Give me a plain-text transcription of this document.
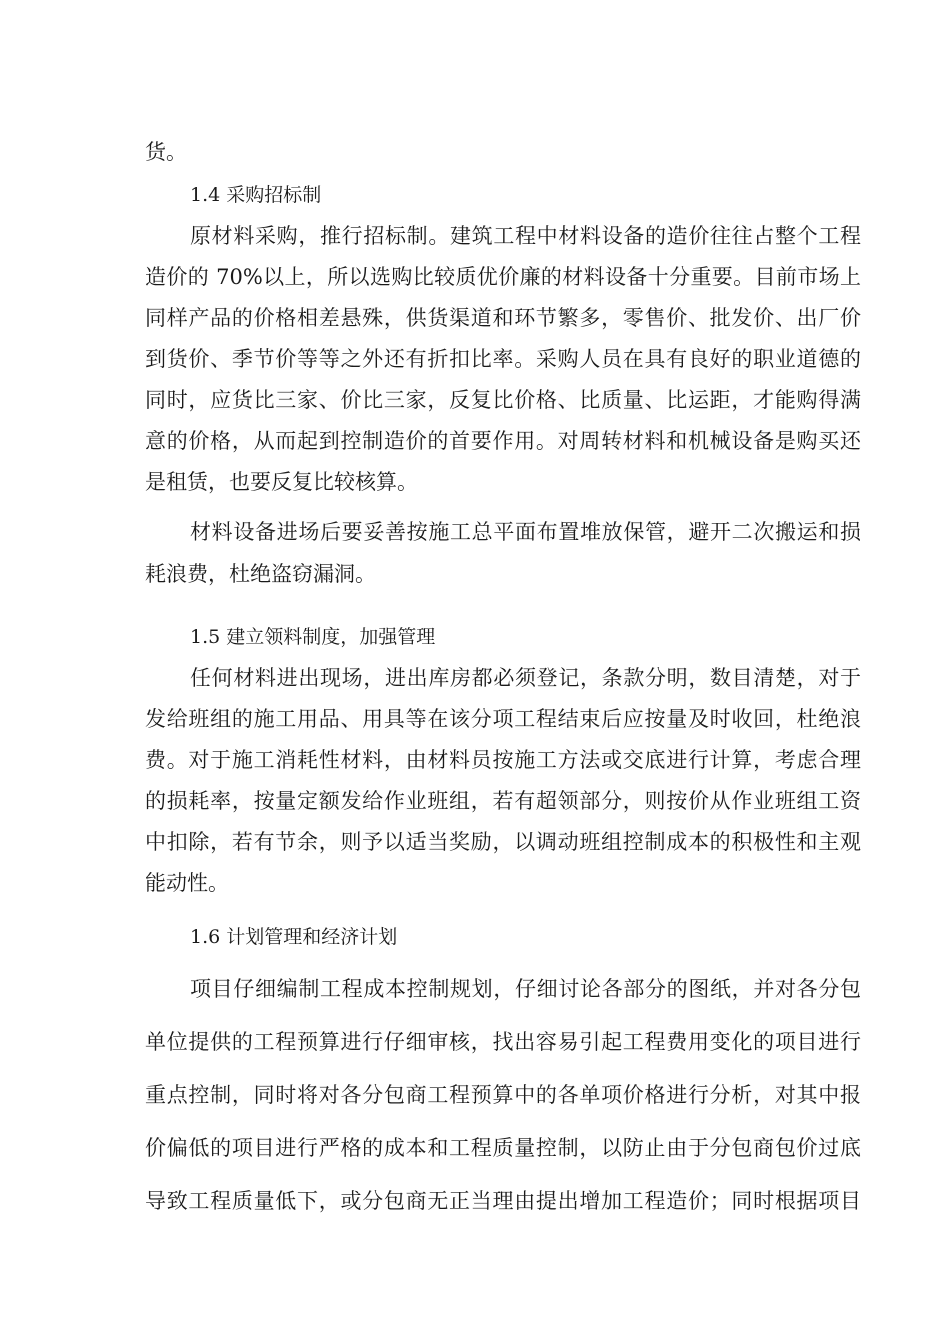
货。
1.4 采购招标制
原材料采购，推行招标制。建筑工程中材料设备的造价往往占整个工程
造价的 70%以上，所以选购比较质优价廉的材料设备十分重要。目前市场上
同样产品的价格相差悬殊，供货渠道和环节繁多，零售价、批发价、出厂价
到货价、季节价等等之外还有折扣比率。采购人员在具有良好的职业道德的
同时，应货比三家、价比三家，反复比价格、比质量、比运距，才能购得满
意的价格，从而起到控制造价的首要作用。对周转材料和机械设备是购买还
是租赁，也要反复比较核算。
材料设备进场后要妥善按施工总平面布置堆放保管，避开二次搬运和损
耗浪费，杜绝盗窃漏洞。
1.5 建立领料制度，加强管理
任何材料进出现场，进出库房都必须登记，条款分明，数目清楚，对于
发给班组的施工用品、用具等在该分项工程结束后应按量及时收回，杜绝浪
费。对于施工消耗性材料，由材料员按施工方法或交底进行计算，考虑合理
的损耗率，按量定额发给作业班组，若有超领部分，则按价从作业班组工资
中扣除，若有节余，则予以适当奖励，以调动班组控制成本的积极性和主观
能动性。
1.6 计划管理和经济计划
项目仔细编制工程成本控制规划，仔细讨论各部分的图纸，并对各分包
单位提供的工程预算进行仔细审核，找出容易引起工程费用变化的项目进行
重点控制，同时将对各分包商工程预算中的各单项价格进行分析，对其中报
价偏低的项目进行严格的成本和工程质量控制，以防止由于分包商包价过底
导致工程质量低下，或分包商无正当理由提出增加工程造价；同时根据项目
